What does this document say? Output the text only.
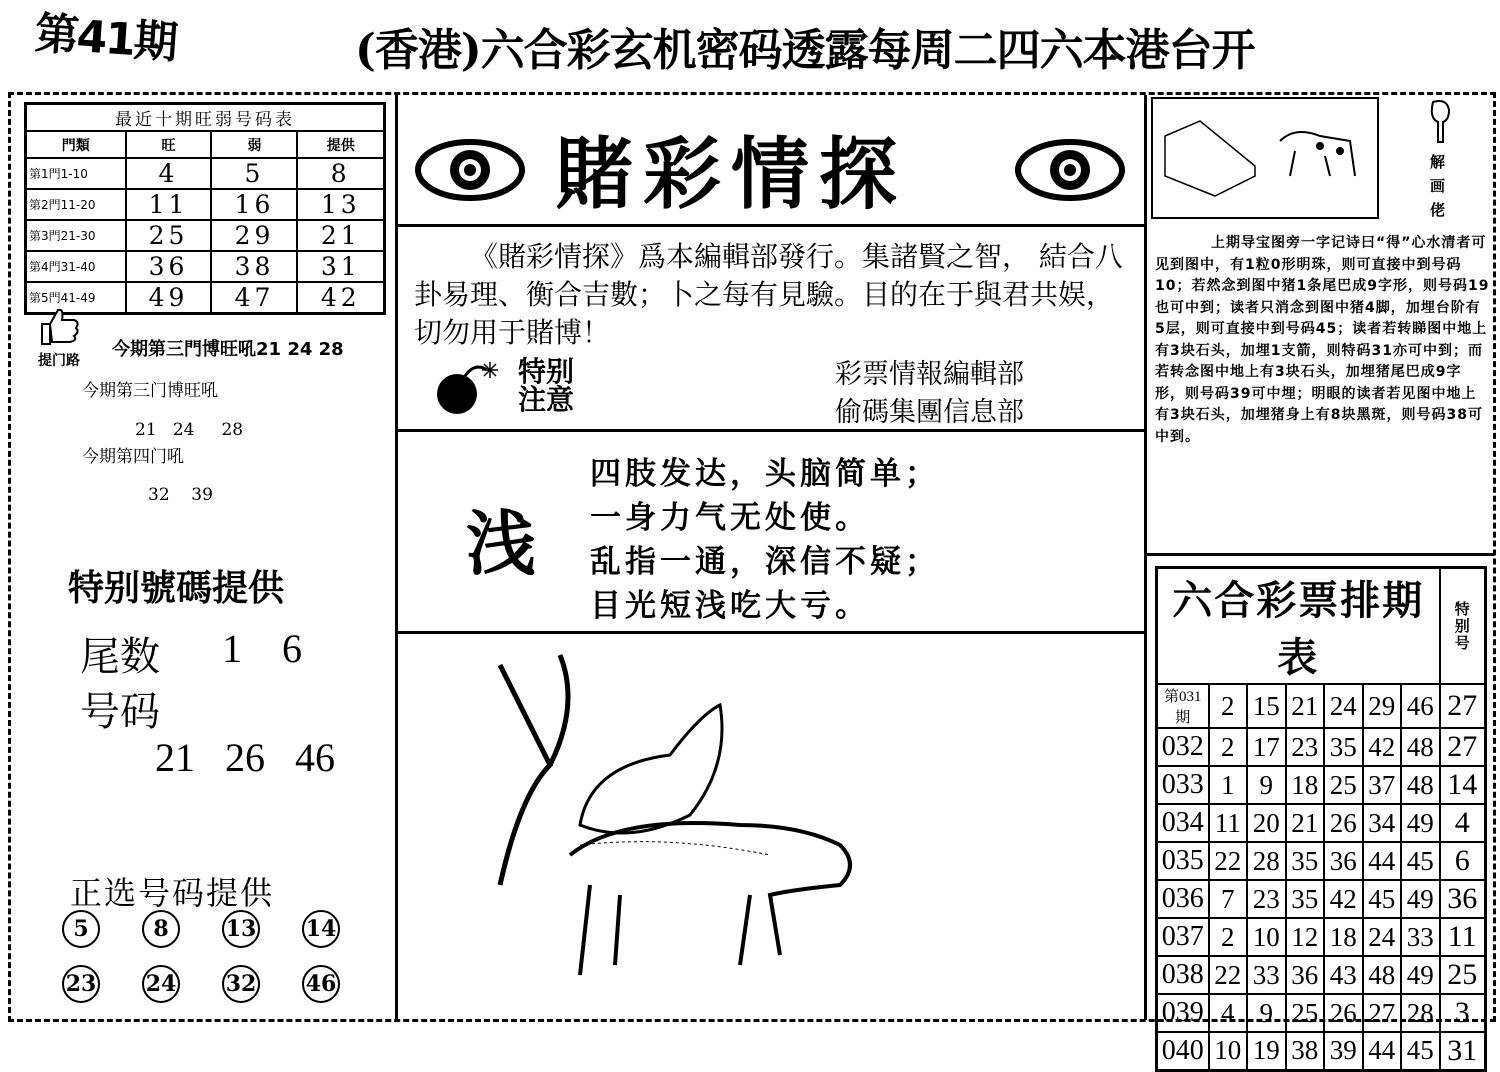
第41期	(香港)六合彩玄机密码透露每周二四六本港台开
最近十期旺弱号码表			
門類	旺	弱	提供
第1門1-10	4	5	8
第2門11-20	11	16	13
第3門21-30	25	29	21
第4門31-40	36	38	31
第5門41-49	49	47	42
提门路
今期第三門博旺吼21 24 28
今期第三门博旺吼
21   24     28
今期第四门吼
32    39
特别號碼提供
尾数 1    6
号码
21   26   46
正选号码提供
5	8	13 14
23 24 32 46
賭彩情探
《賭彩情探》爲本編輯部發行。集諸賢之智， 結合八卦易理、衡合吉數；卜之每有見驗。目的在于與君共娱，切勿用于賭博！
特别
注意
彩票情報編輯部
偷碼集團信息部
浅
四肢发达，头脑简单；
一身力气无处使。
乱指一通，深信不疑；
目光短浅吃大亏。
解画佬
上期导宝图旁一字记诗曰“得”心水清者可见到图中，有1粒0形明珠，则可直接中到号码10；若然念到图中猪1条尾巴成9字形，则号码19也可中到；读者只消念到图中猪4脚，加埋台阶有5层，则可直接中到号码45；读者若转睇图中地上有3块石头，加埋1支箭，则特码31亦可中到；而若转念图中地上有3块石头，加埋猪尾巴成9字形，则号码39可中埋；明眼的读者若见图中地上有3块石头，加埋猪身上有8块黑斑，则号码38可中到。
六合彩票排期表							特别号
第031期	2	15	21	24	29	46	27
032	2	17	23	35	42	48	27
033	1	9	18	25	37	48	14
034	11	20	21	26	34	49	4
035	22	28	35	36	44	45	6
036	7	23	35	42	45	49	36
037	2	10	12	18	24	33	11
038	22	33	36	43	48	49	25
039	4	9	25	26	27	28	3
040	10	19	38	39	44	45	31
